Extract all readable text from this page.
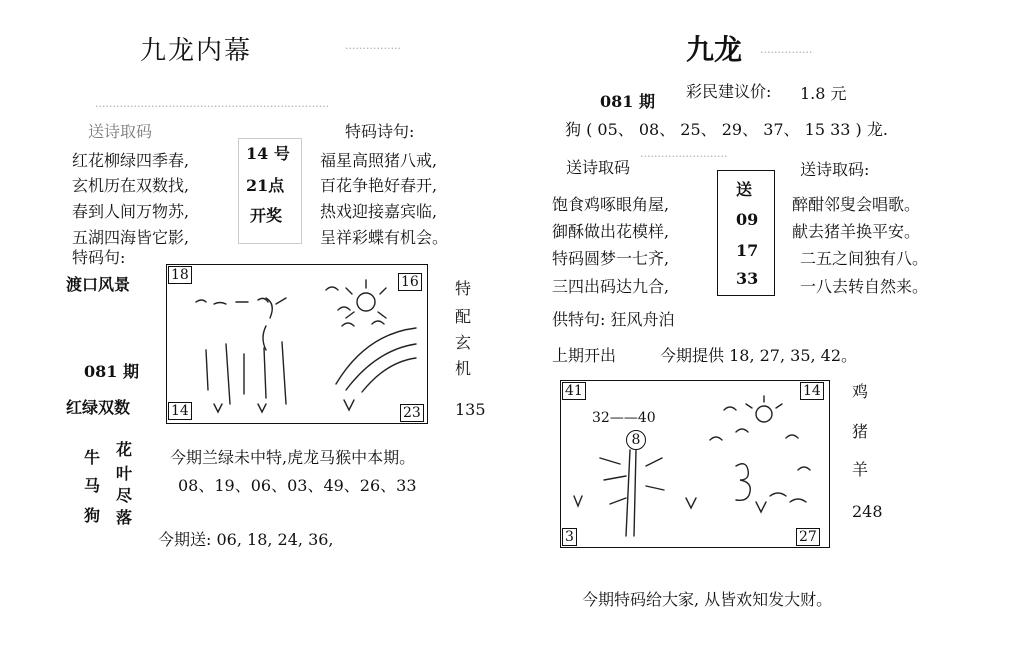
九龙内幕	················
···································································
送诗取码	特码诗句:
红花柳绿四季春,
玄机历在双数找,
春到人间万物苏,
五湖四海皆它影,
14 号
21点
开奖
福星高照猪八戒,
百花争艳好春开,
热戏迎接嘉宾临,
呈祥彩蝶有机会。
特码句:
渡口风景
081 期
红绿双数
18	16
14	23
特
配
玄
机
135
牛
马
狗
花
叶
尽
落
今期兰绿未中特,虎龙马猴中本期。
08、19、06、03、49、26、33
今期送: 06, 18, 24, 36,
九龙 ···············
081 期
彩民建议价: 1.8 元
狗 ( 05、 08、 25、 29、 37、 15 33 ) 龙.
·························
送诗取码	送诗取码:
饱食鸡啄眼角屋,
御酥做出花模样,
特码圆梦一七齐,
三四出码达九合,
送
09
17
33
醉酣邻叟会唱歌。
献去猪羊换平安。
二五之间独有八。
一八去转自然来。
供特句: 狂风舟泊
上期开出	今期提供 18, 27, 35, 42。
41	14
3	27
32——40
8
鸡
猪
羊
248
今期特码给大家, 从皆欢知发大财。
